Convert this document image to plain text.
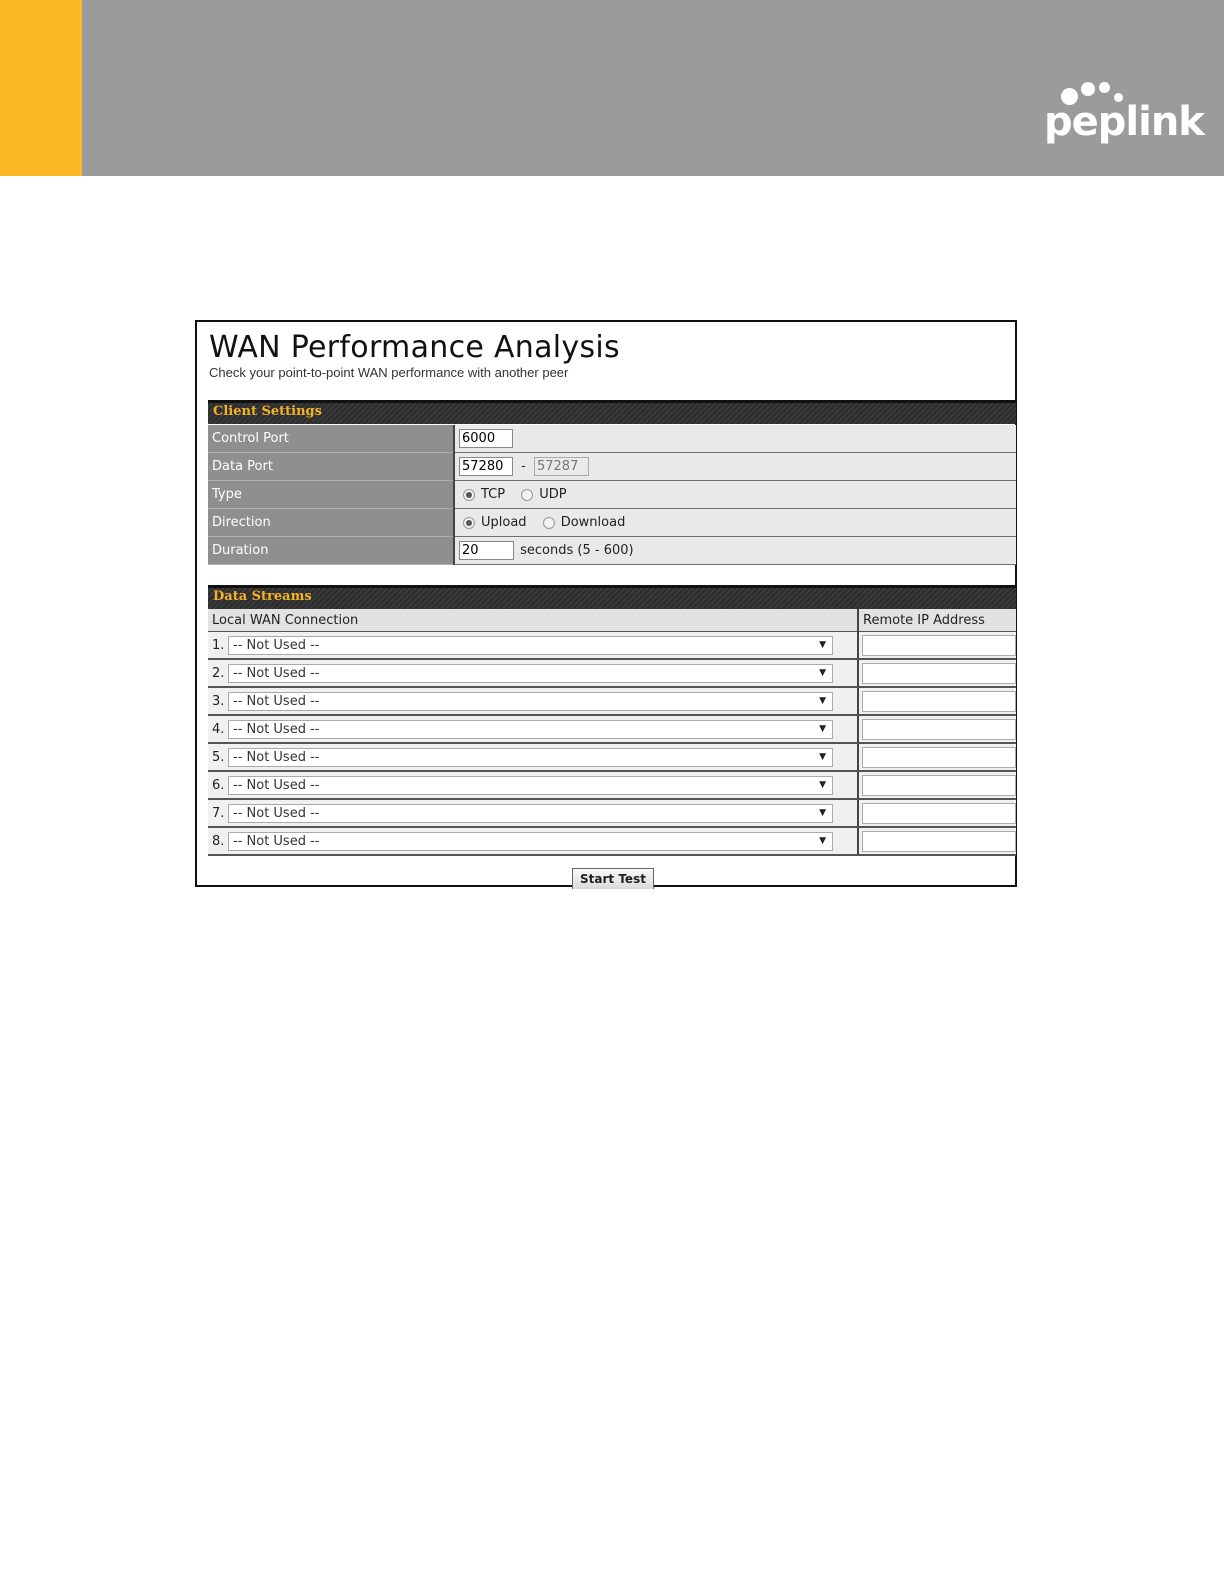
peplink
WAN Performance Analysis
Check your point-to-point WAN performance with another peer
Client Settings
Control Port	6000
Data Port	57280- 57287
Type	TCP UDP
Direction	Upload Download
Duration	20seconds (5 - 600)
Data Streams
Local WAN Connection	Remote IP Address
1. -- Not Used -- ▼

2. -- Not Used -- ▼

3. -- Not Used -- ▼

4. -- Not Used -- ▼

5. -- Not Used -- ▼

6. -- Not Used -- ▼

7. -- Not Used -- ▼

8. -- Not Used -- ▼

Start Test
